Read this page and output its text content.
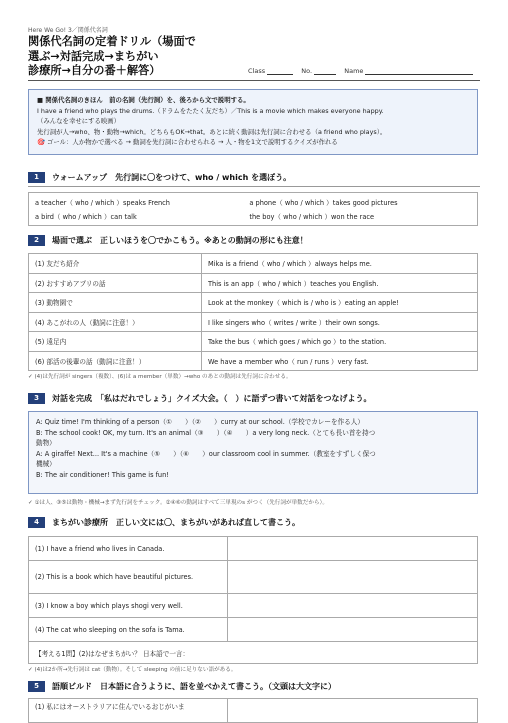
Here We Go! 3／関係代名詞
関係代名詞の定着ドリル（場面で
選ぶ→対話完成→まちがい
診療所→自分の番＋解答）	Class	No.	Name
■ 関係代名詞のきほん　前の名詞（先行詞）を、後ろから文で説明する。
I have a friend who plays the drums.（ドラムをたたく友だち）／This is a movie which makes everyone happy.
（みんなを幸せにする映画）
先行詞が人→who、物・動物→which。どちらもOK→that。あとに続く動詞は先行詞に合わせる（a friend who plays）。
🎯 ゴール：人か物かで選べる → 動詞を先行詞に合わせられる → 人・物を1文で説明するクイズが作れる
1	ウォームアップ　先行詞に〇をつけて、who / which を選ぼう。
a teacher（ who / which ）speaks French	a phone（ who / which ）takes good pictures
a bird（ who / which ）can talk	the boy（ who / which ）won the race
2	場面で選ぶ　正しいほうを〇でかこもう。※あとの動詞の形にも注意！
(1) 友だち紹介	Mika is a friend（ who / which ）always helps me.
(2) おすすめアプリの話	This is an app（ who / which ）teaches you English.
(3) 動物園で	Look at the monkey（ which is / who is ）eating an apple!
(4) あこがれの人（動詞に注意！）	I like singers who（ writes / write ）their own songs.
(5) 遠足内	Take the bus（ which goes / which go ）to the station.
(6) 部活の後輩の話（動詞に注意！）	We have a member who（ run / runs ）very fast.
✓ (4)は先行詞が singers（複数）、(6)は a member（単数）→who のあとの動詞は先行詞に合わせる。
3	対話を完成　「私はだれでしょう」クイズ大会。（　）に語ずつ書いて対話をつなげよう。
A: Quiz time! I'm thinking of a person（①　　）（②　　）curry at our school.（学校でカレーを作る人）
B: The school cook! OK, my turn. It's an animal（③　　）（④　　）a very long neck.（とても長い首を持つ
動物）
A: A giraffe! Next... It's a machine（⑤　　）（⑥　　）our classroom cool in summer.（教室をすずしく保つ
機械）
B: The air conditioner! This game is fun!
✓ ①は人、③⑤は動物・機械→まず先行詞をチェック。②④⑥の動詞はすべて三単現のs がつく（先行詞が単数だから）。
4	まちがい診療所　正しい文には〇、まちがいがあれば直して書こう。
(1) I have a friend who lives in Canada.	
(2) This is a book which have beautiful pictures.	
(3) I know a boy which plays shogi very well.	
(4) The cat who sleeping on the sofa is Tama.	
【考える1問】(2)はなぜまちがい？ 日本語で一言：	
✓ (4)は2か所→先行詞は cat（動物）。そして sleeping の前に足りない語がある。
5	語順ビルド　日本語に合うように、語を並べかえて書こう。（文頭は大文字に）
(1) 私にはオーストラリアに住んでいるおじがいま	
